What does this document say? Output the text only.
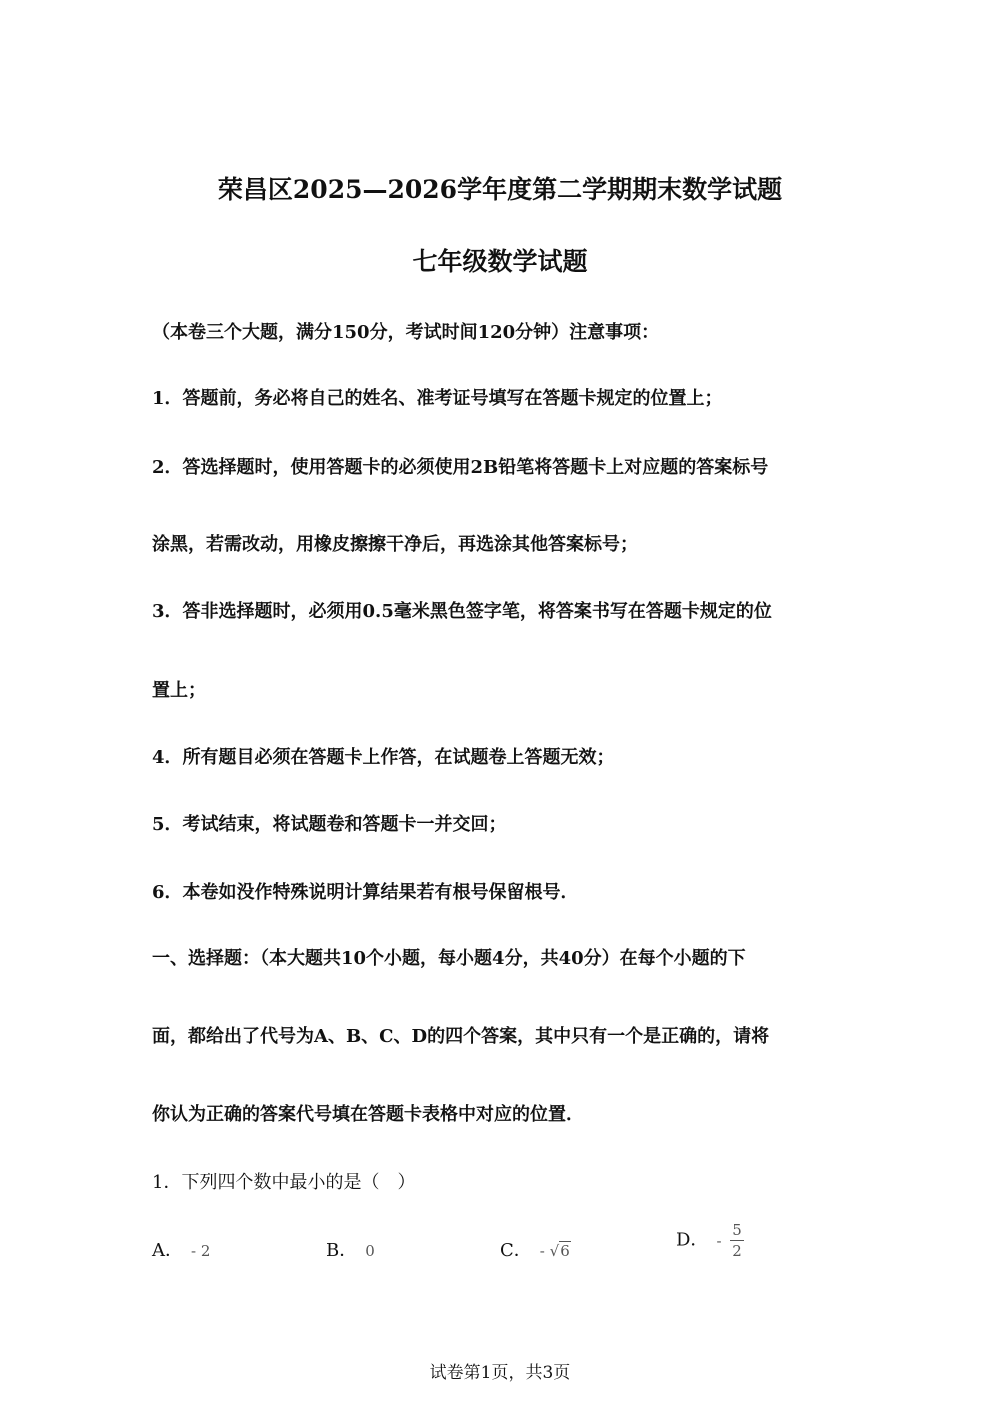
荣昌区2025—2026学年度第二学期期末数学试题
七年级数学试题
（本卷三个大题，满分150分，考试时间120分钟）注意事项：
1．答题前，务必将自己的姓名、准考证号填写在答题卡规定的位置上；
2．答选择题时，使用答题卡的必须使用2B铅笔将答题卡上对应题的答案标号
涂黑，若需改动，用橡皮擦擦干净后，再选涂其他答案标号；
3．答非选择题时，必须用0.5毫米黑色签字笔，将答案书写在答题卡规定的位
置上；
4．所有题目必须在答题卡上作答，在试题卷上答题无效；
5．考试结束，将试题卷和答题卡一并交回；
6．本卷如没作特殊说明计算结果若有根号保留根号．
一、选择题：（本大题共10个小题，每小题4分，共40分）在每个小题的下
面，都给出了代号为A、B、C、D的四个答案，其中只有一个是正确的，请将
你认为正确的答案代号填在答题卡表格中对应的位置．
1．下列四个数中最小的是（　）
A． - 2	B． 0	C． - √6
D． - $\frac{5}{2}$
试卷第1页，共3页
